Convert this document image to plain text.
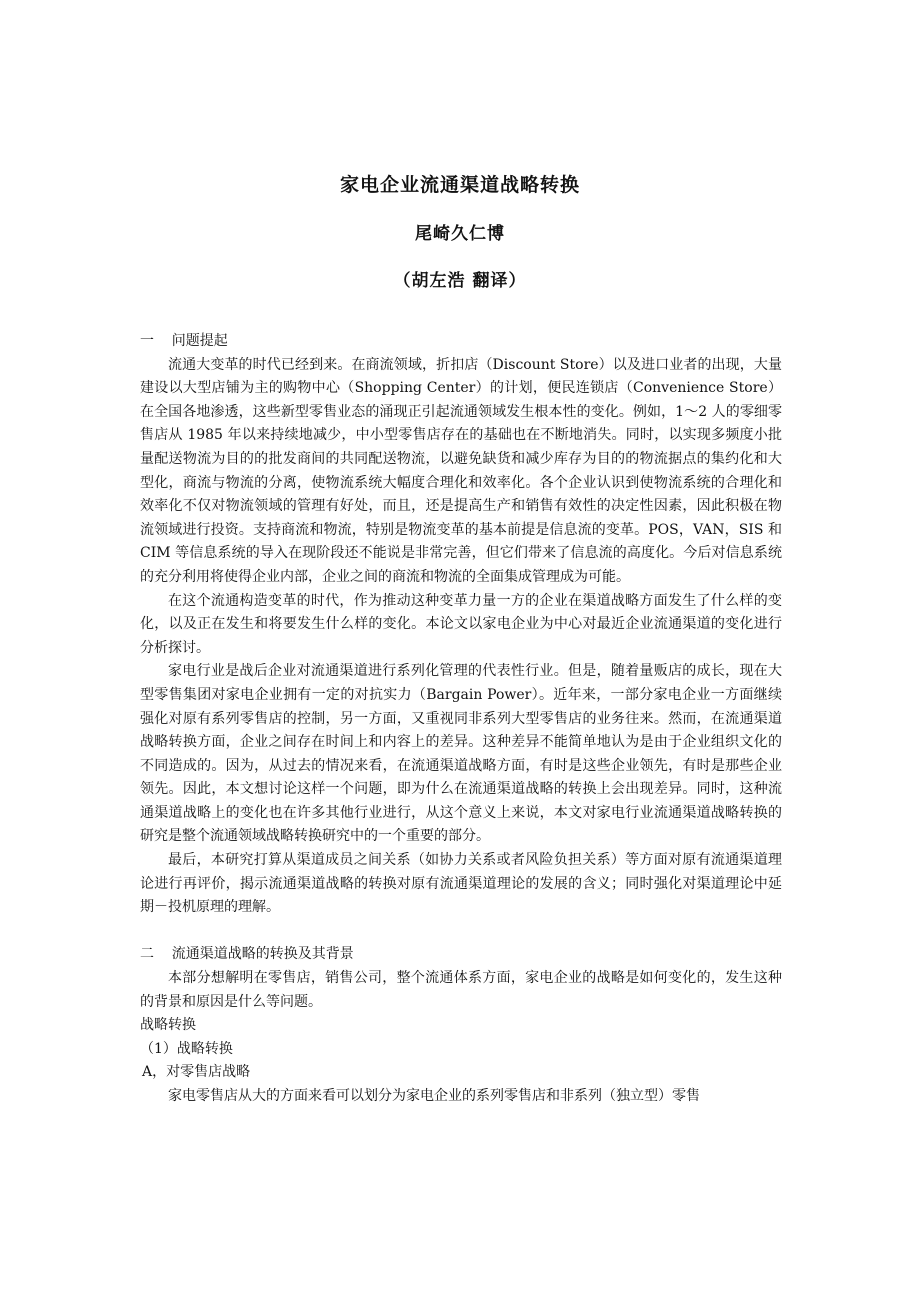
家电企业流通渠道战略转换
尾崎久仁博
（胡左浩 翻译）

一    问题提起

流通大变革的时代已经到来。在商流领域，折扣店（Discount Store）以及进口业者的出现，大量建设以大型店铺为主的购物中心（Shopping Center）的计划，便民连锁店（Convenience Store）在全国各地渗透，这些新型零售业态的涌现正引起流通领域发生根本性的变化。例如，1～2 人的零细零售店从 1985 年以来持续地减少，中小型零售店存在的基础也在不断地消失。同时，以实现多频度小批量配送物流为目的的批发商间的共同配送物流，以避免缺货和减少库存为目的的物流据点的集约化和大型化，商流与物流的分离，使物流系统大幅度合理化和效率化。各个企业认识到使物流系统的合理化和效率化不仅对物流领域的管理有好处，而且，还是提高生产和销售有效性的决定性因素，因此积极在物流领域进行投资。支持商流和物流，特别是物流变革的基本前提是信息流的变革。POS，VAN，SIS 和 CIM 等信息系统的导入在现阶段还不能说是非常完善，但它们带来了信息流的高度化。今后对信息系统的充分利用将使得企业内部，企业之间的商流和物流的全面集成管理成为可能。

在这个流通构造变革的时代，作为推动这种变革力量一方的企业在渠道战略方面发生了什么样的变化，以及正在发生和将要发生什么样的变化。本论文以家电企业为中心对最近企业流通渠道的变化进行分析探讨。

家电行业是战后企业对流通渠道进行系列化管理的代表性行业。但是，随着量贩店的成长，现在大型零售集团对家电企业拥有一定的对抗实力（Bargain Power）。近年来，一部分家电企业一方面继续强化对原有系列零售店的控制，另一方面，又重视同非系列大型零售店的业务往来。然而，在流通渠道战略转换方面，企业之间存在时间上和内容上的差异。这种差异不能简单地认为是由于企业组织文化的不同造成的。因为，从过去的情况来看，在流通渠道战略方面，有时是这些企业领先，有时是那些企业领先。因此，本文想讨论这样一个问题，即为什么在流通渠道战略的转换上会出现差异。同时，这种流通渠道战略上的变化也在许多其他行业进行，从这个意义上来说，本文对家电行业流通渠道战略转换的研究是整个流通领域战略转换研究中的一个重要的部分。

最后，本研究打算从渠道成员之间关系（如协力关系或者风险负担关系）等方面对原有流通渠道理论进行再评价，揭示流通渠道战略的转换对原有流通渠道理论的发展的含义；同时强化对渠道理论中延期－投机原理的理解。

二    流通渠道战略的转换及其背景

本部分想解明在零售店，销售公司，整个流通体系方面，家电企业的战略是如何变化的，发生这种的背景和原因是什么等问题。

战略转换

（1）战略转换

A，对零售店战略

家电零售店从大的方面来看可以划分为家电企业的系列零售店和非系列（独立型）零售
